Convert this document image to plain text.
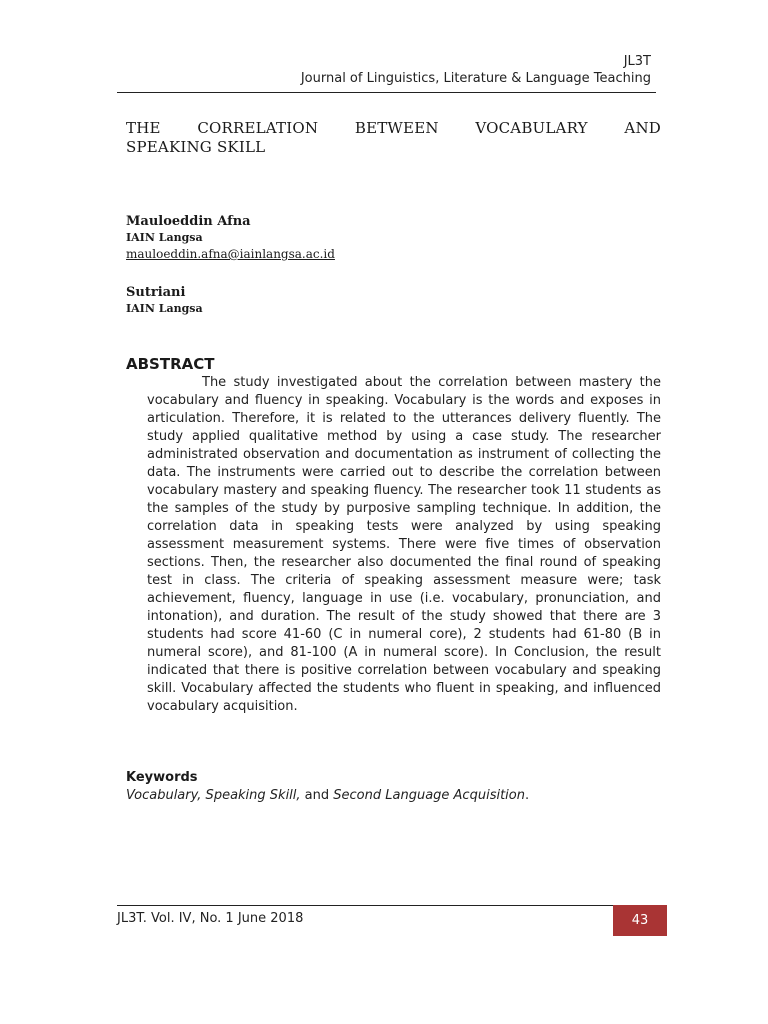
JL3T
Journal of Linguistics, Literature & Language Teaching
THE CORRELATION BETWEEN VOCABULARY AND
SPEAKING SKILL
Mauloeddin Afna
IAIN Langsa
mauloeddin.afna@iainlangsa.ac.id
Sutriani
IAIN Langsa
ABSTRACT

The study investigated about the correlation between mastery the vocabulary and fluency in speaking. Vocabulary is the words and exposes in articulation. Therefore, it is related to the utterances delivery fluently. The study applied qualitative method by using a case study. The researcher administrated observation and documentation as instrument of collecting the data. The instruments were carried out to describe the correlation between vocabulary mastery and speaking fluency. The researcher took 11 students as the samples of the study by purposive sampling technique. In addition, the correlation data in speaking tests were analyzed by using speaking assessment measurement systems. There were five times of observation sections. Then, the researcher also documented the final round of speaking test in class. The criteria of speaking assessment measure were; task achievement, fluency, language in use (i.e. vocabulary, pronunciation, and intonation), and duration. The result of the study showed that there are 3 students had score 41-60 (C in numeral core), 2 students had 61-80 (B in numeral score), and 81-100 (A in numeral score). In Conclusion, the result indicated that there is positive correlation between vocabulary and speaking skill. Vocabulary affected the students who fluent in speaking, and influenced vocabulary acquisition.

Keywords
Vocabulary, Speaking Skill, and Second Language Acquisition.
JL3T. Vol. IV, No. 1 June 2018	43
